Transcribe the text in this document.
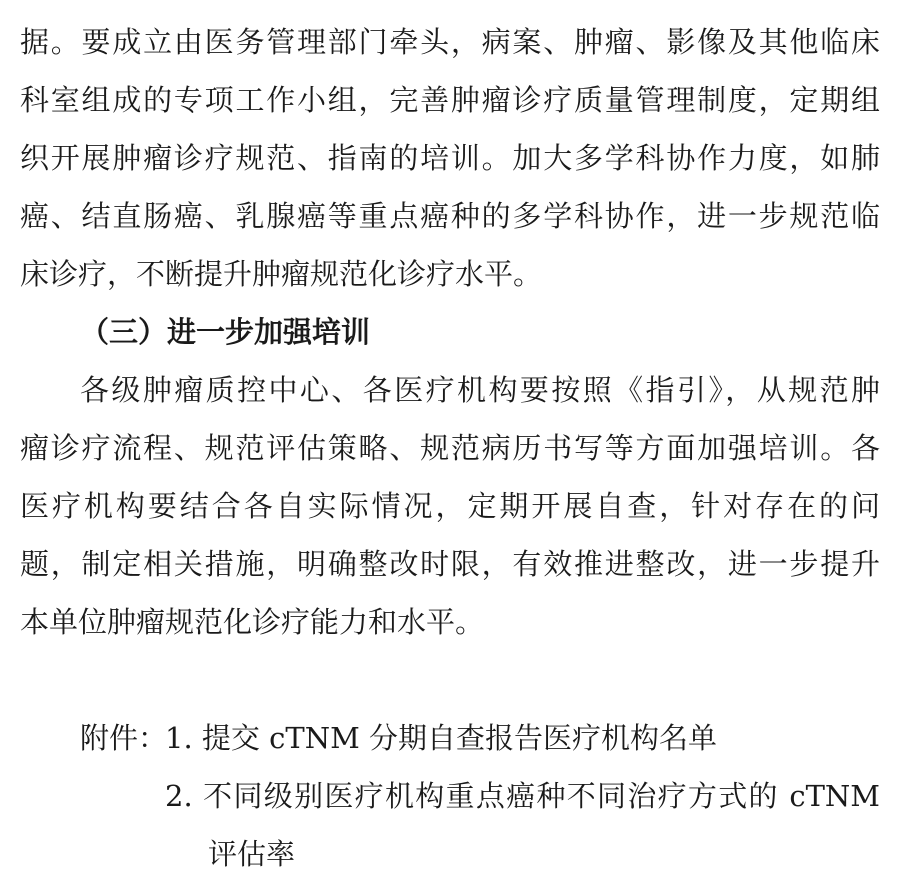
据。要成立由医务管理部门牵头，病案、肿瘤、影像及其他临床
科室组成的专项工作小组，完善肿瘤诊疗质量管理制度，定期组
织开展肿瘤诊疗规范、指南的培训。加大多学科协作力度，如肺
癌、结直肠癌、乳腺癌等重点癌种的多学科协作，进一步规范临
床诊疗，不断提升肿瘤规范化诊疗水平。
（三）进一步加强培训
各级肿瘤质控中心、各医疗机构要按照《指引》，从规范肿
瘤诊疗流程、规范评估策略、规范病历书写等方面加强培训。各
医疗机构要结合各自实际情况，定期开展自查，针对存在的问
题，制定相关措施，明确整改时限，有效推进整改，进一步提升
本单位肿瘤规范化诊疗能力和水平。
附件：
1. 提交 cTNM 分期自查报告医疗机构名单
2. 不同级别医疗机构重点癌种不同治疗方式的 cTNM
评估率
